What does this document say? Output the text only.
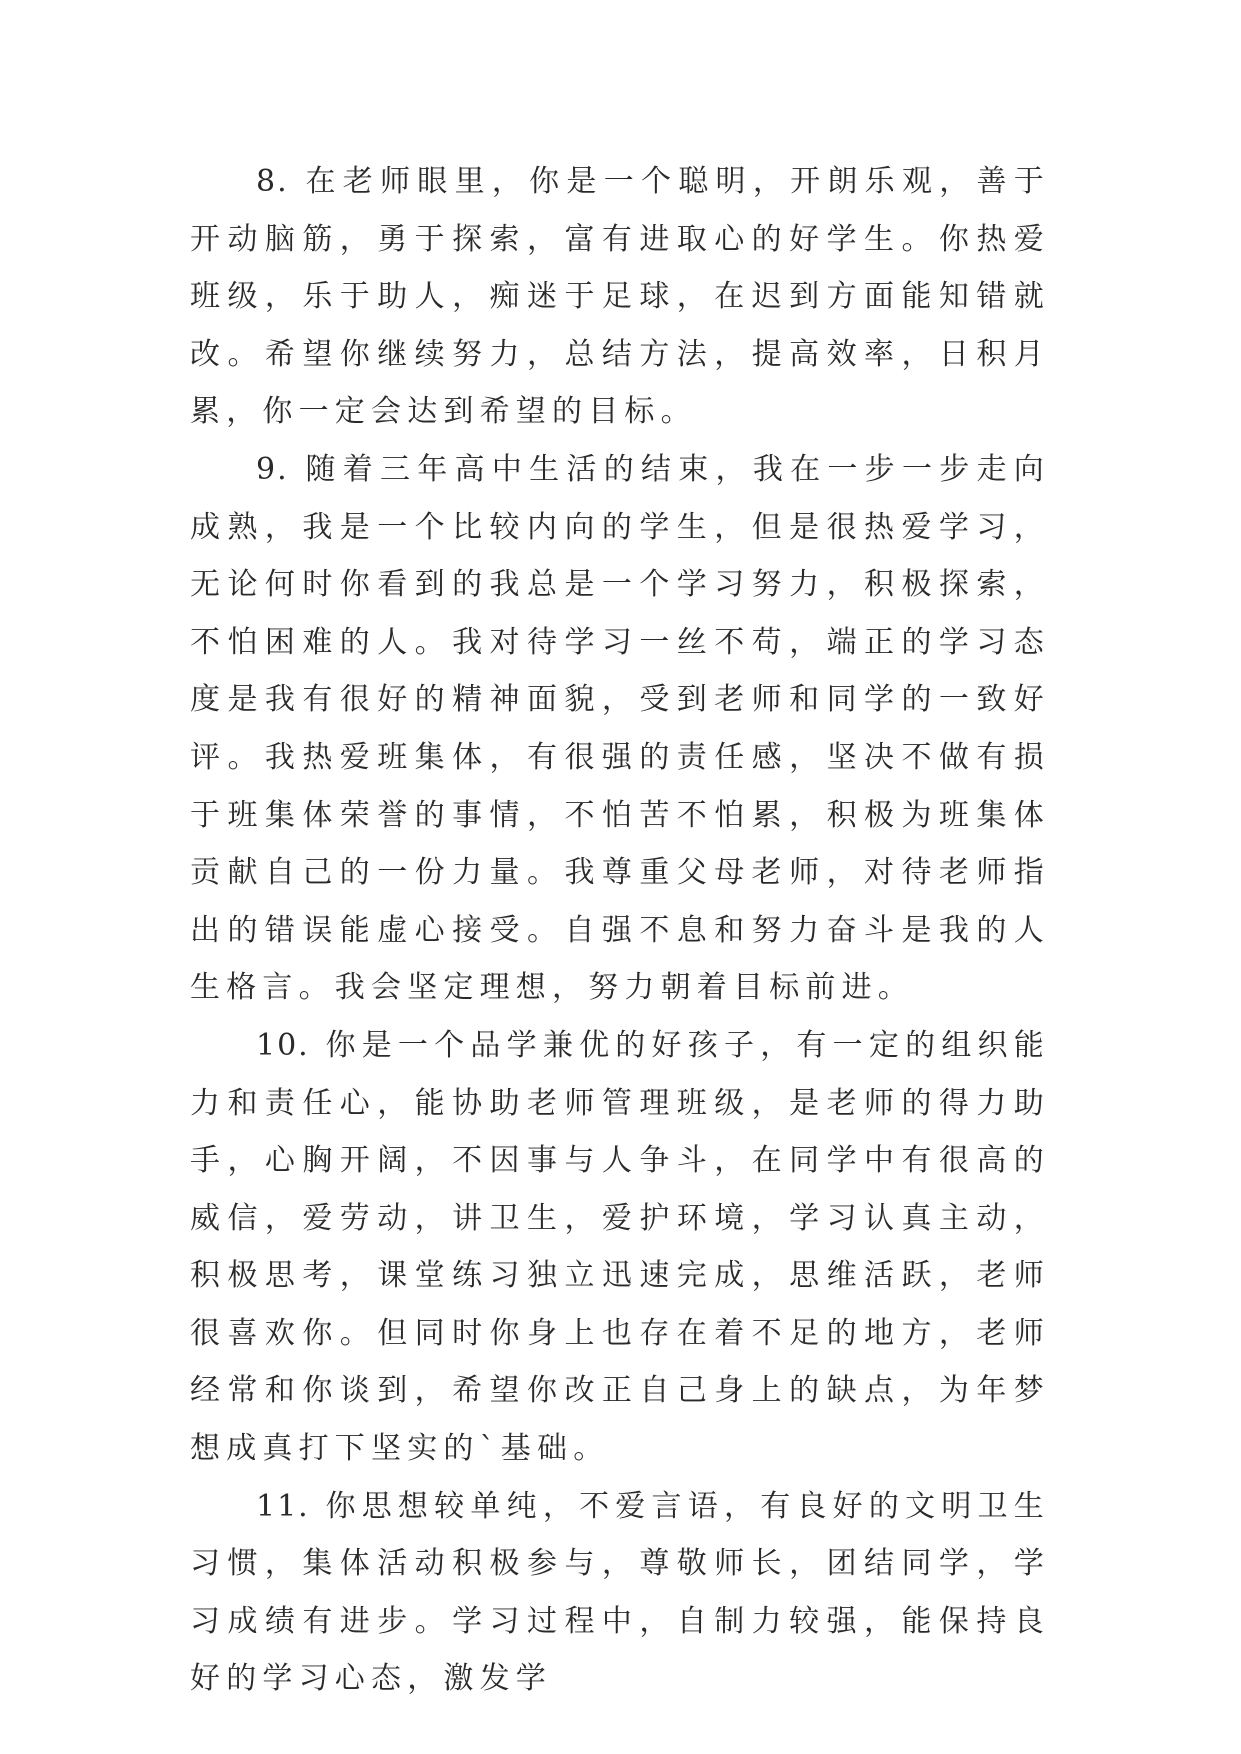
8. 在老师眼里，你是一个聪明，开朗乐观，善于开动脑筋，勇于探索，富有进取心的好学生。你热爱班级，乐于助人，痴迷于足球，在迟到方面能知错就改。希望你继续努力，总结方法，提高效率，日积月累，你一定会达到希望的目标。

9. 随着三年高中生活的结束，我在一步一步走向成熟，我是一个比较内向的学生，但是很热爱学习，无论何时你看到的我总是一个学习努力，积极探索，不怕困难的人。我对待学习一丝不苟，端正的学习态度是我有很好的精神面貌，受到老师和同学的一致好评。我热爱班集体，有很强的责任感，坚决不做有损于班集体荣誉的事情，不怕苦不怕累，积极为班集体贡献自己的一份力量。我尊重父母老师，对待老师指出的错误能虚心接受。自强不息和努力奋斗是我的人生格言。我会坚定理想，努力朝着目标前进。

10. 你是一个品学兼优的好孩子，有一定的组织能力和责任心，能协助老师管理班级，是老师的得力助手，心胸开阔，不因事与人争斗，在同学中有很高的威信，爱劳动，讲卫生，爱护环境，学习认真主动，积极思考，课堂练习独立迅速完成，思维活跃，老师很喜欢你。但同时你身上也存在着不足的地方，老师经常和你谈到，希望你改正自己身上的缺点，为年梦想成真打下坚实的`基础。

11. 你思想较单纯，不爱言语，有良好的文明卫生习惯，集体活动积极参与，尊敬师长，团结同学，学习成绩有进步。学习过程中，自制力较强，能保持良好的学习心态，激发学
